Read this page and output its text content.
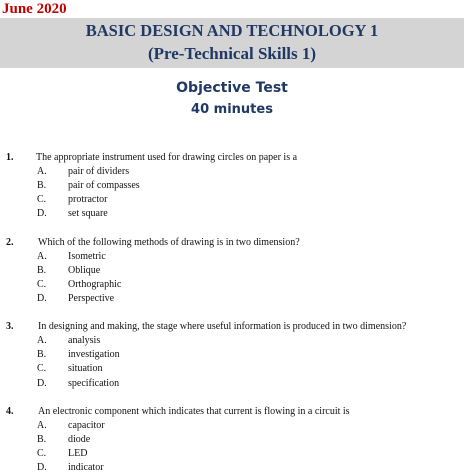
June 2020
BASIC DESIGN AND TECHNOLOGY 1
(Pre-Technical Skills 1)
Objective Test
40 minutes
1. The appropriate instrument used for drawing circles on paper is a
A. pair of dividers
B. pair of compasses
C. protractor
D. set square
2. Which of the following methods of drawing is in two dimension?
A. Isometric
B. Oblique
C. Orthographic
D. Perspective
3. In designing and making, the stage where useful information is produced in two dimension?
A. analysis
B. investigation
C. situation
D. specification
4. An electronic component which indicates that current is flowing in a circuit is
A. capacitor
B. diode
C. LED
D. indicator
